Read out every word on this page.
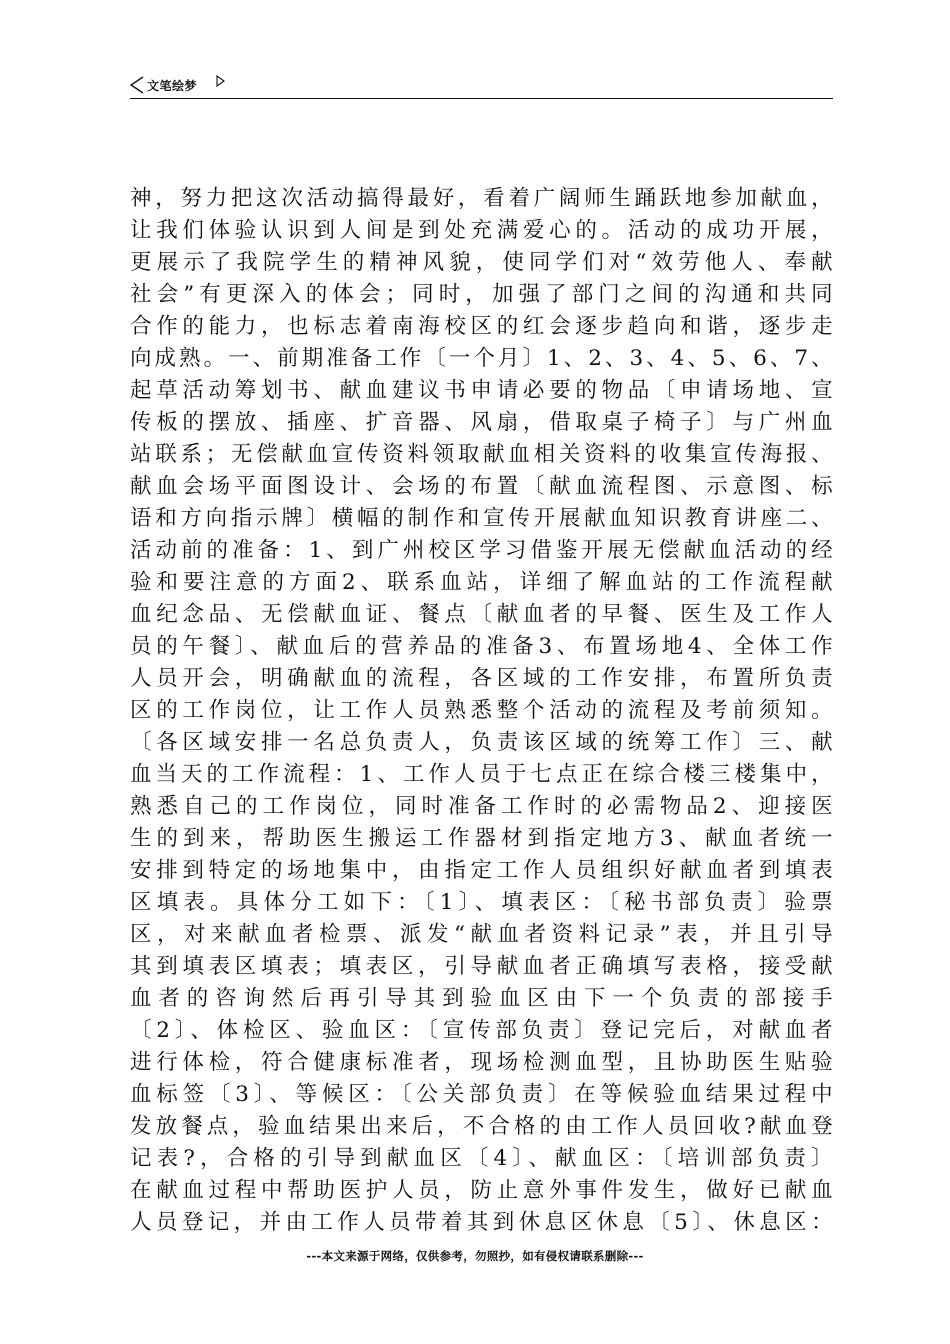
文笔绘梦
神，努力把这次活动搞得最好，看着广阔师生踊跃地参加献血，
让我们体验认识到人间是到处充满爱心的。活动的成功开展，
更展示了我院学生的精神风貌，使同学们对“效劳他人、奉献
社会”有更深入的体会；同时，加强了部门之间的沟通和共同
合作的能力，也标志着南海校区的红会逐步趋向和谐，逐步走
向成熟。一、前期准备工作〔一个月〕1、2、3、4、5、6、7、
起草活动筹划书、献血建议书申请必要的物品〔申请场地、宣
传板的摆放、插座、扩音器、风扇，借取桌子椅子〕与广州血
站联系；无偿献血宣传资料领取献血相关资料的收集宣传海报、
献血会场平面图设计、会场的布置〔献血流程图、示意图、标
语和方向指示牌〕横幅的制作和宣传开展献血知识教育讲座二、
活动前的准备：1、到广州校区学习借鉴开展无偿献血活动的经
验和要注意的方面2、联系血站，详细了解血站的工作流程献
血纪念品、无偿献血证、餐点〔献血者的早餐、医生及工作人
员的午餐〕、献血后的营养品的准备3、布置场地4、全体工作
人员开会，明确献血的流程，各区域的工作安排，布置所负责
区的工作岗位，让工作人员熟悉整个活动的流程及考前须知。
〔各区域安排一名总负责人，负责该区域的统筹工作〕三、献
血当天的工作流程：1、工作人员于七点正在综合楼三楼集中，
熟悉自己的工作岗位，同时准备工作时的必需物品2、迎接医
生的到来，帮助医生搬运工作器材到指定地方3、献血者统一
安排到特定的场地集中，由指定工作人员组织好献血者到填表
区填表。具体分工如下：〔1〕、填表区：〔秘书部负责〕验票
区，对来献血者检票、派发“献血者资料记录”表，并且引导
其到填表区填表；填表区，引导献血者正确填写表格，接受献
血者的咨询然后再引导其到验血区由下一个负责的部接手
〔2〕、体检区、验血区：〔宣传部负责〕登记完后，对献血者
进行体检，符合健康标准者，现场检测血型，且协助医生贴验
血标签〔3〕、等候区：〔公关部负责〕在等候验血结果过程中
发放餐点，验血结果出来后，不合格的由工作人员回收?献血登
记表?，合格的引导到献血区〔4〕、献血区：〔培训部负责〕
在献血过程中帮助医护人员，防止意外事件发生，做好已献血
人员登记，并由工作人员带着其到休息区休息〔5〕、休息区：
---本文来源于网络，仅供参考，勿照抄，如有侵权请联系删除---
